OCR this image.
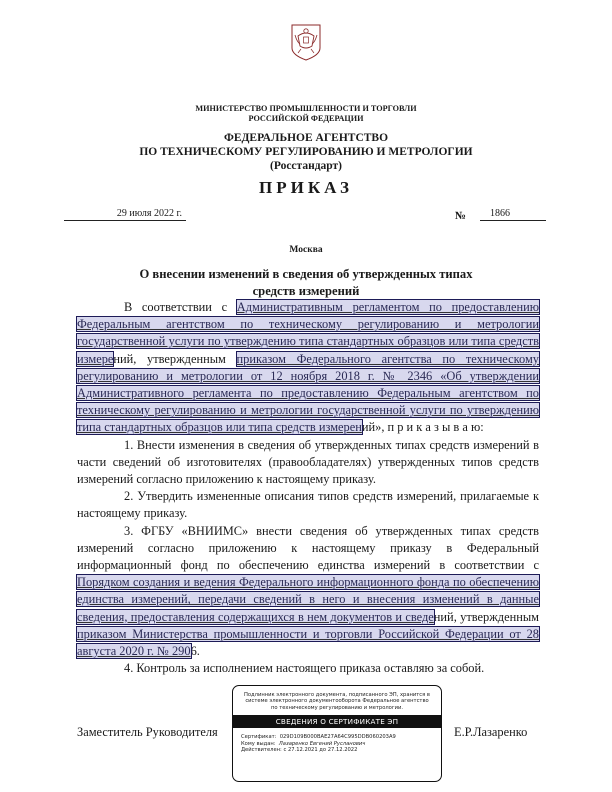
МИНИСТЕРСТВО ПРОМЫШЛЕННОСТИ И ТОРГОВЛИ
РОССИЙСКОЙ ФЕДЕРАЦИИ
ФЕДЕРАЛЬНОЕ АГЕНТСТВО
ПО ТЕХНИЧЕСКОМУ РЕГУЛИРОВАНИЮ И МЕТРОЛОГИИ
(Росстандарт)
ПРИКАЗ
29 июля 2022 г.	№	1866
Москва
О внесении изменений в сведения об утвержденных типах
средств измерений

В соответствии с Административным регламентом по предоставлению Федеральным агентством по техническому регулированию и метрологии государственной услуги по утверждению типа стандартных образцов или типа средств измерений, утвержденным приказом Федерального агентства по техническому регулированию и метрологии от 12 ноября 2018 г. № 2346 «Об утверждении Административного регламента по предоставлению Федеральным агентством по техническому регулированию и метрологии государственной услуги по утверждению типа стандартных образцов или типа средств измерений», п р и к а з ы в а ю:

1. Внести изменения в сведения об утвержденных типах средств измерений в части сведений об изготовителях (правообладателях) утвержденных типов средств измерений согласно приложению к настоящему приказу.

2. Утвердить измененные описания типов средств измерений, прилагаемые к настоящему приказу.

3. ФГБУ «ВНИИМС» внести сведения об утвержденных типах средств измерений согласно приложению к настоящему приказу в Федеральный информационный фонд по обеспечению единства измерений в соответствии с Порядком создания и ведения Федерального информационного фонда по обеспечению единства измерений, передачи сведений в него и внесения изменений в данные сведения, предоставления содержащихся в нем документов и сведений, утвержденным приказом Министерства промышленности и торговли Российской Федерации от 28 августа 2020 г. № 2906.

4. Контроль за исполнением настоящего приказа оставляю за собой.

Заместитель Руководителя	Е.Р.Лазаренко
Подлинник электронного документа, подписанного ЭП, хранится в системе электронного документооборота Федеральное агентство по техническому регулированию и метрологии.
СВЕДЕНИЯ О СЕРТИФИКАТЕ ЭП
Сертификат: 029D109B000BAE27A64C995DDB060203A9
Кому выдан: Лазаренко Евгений Русланович
Действителен: с 27.12.2021 до 27.12.2022
